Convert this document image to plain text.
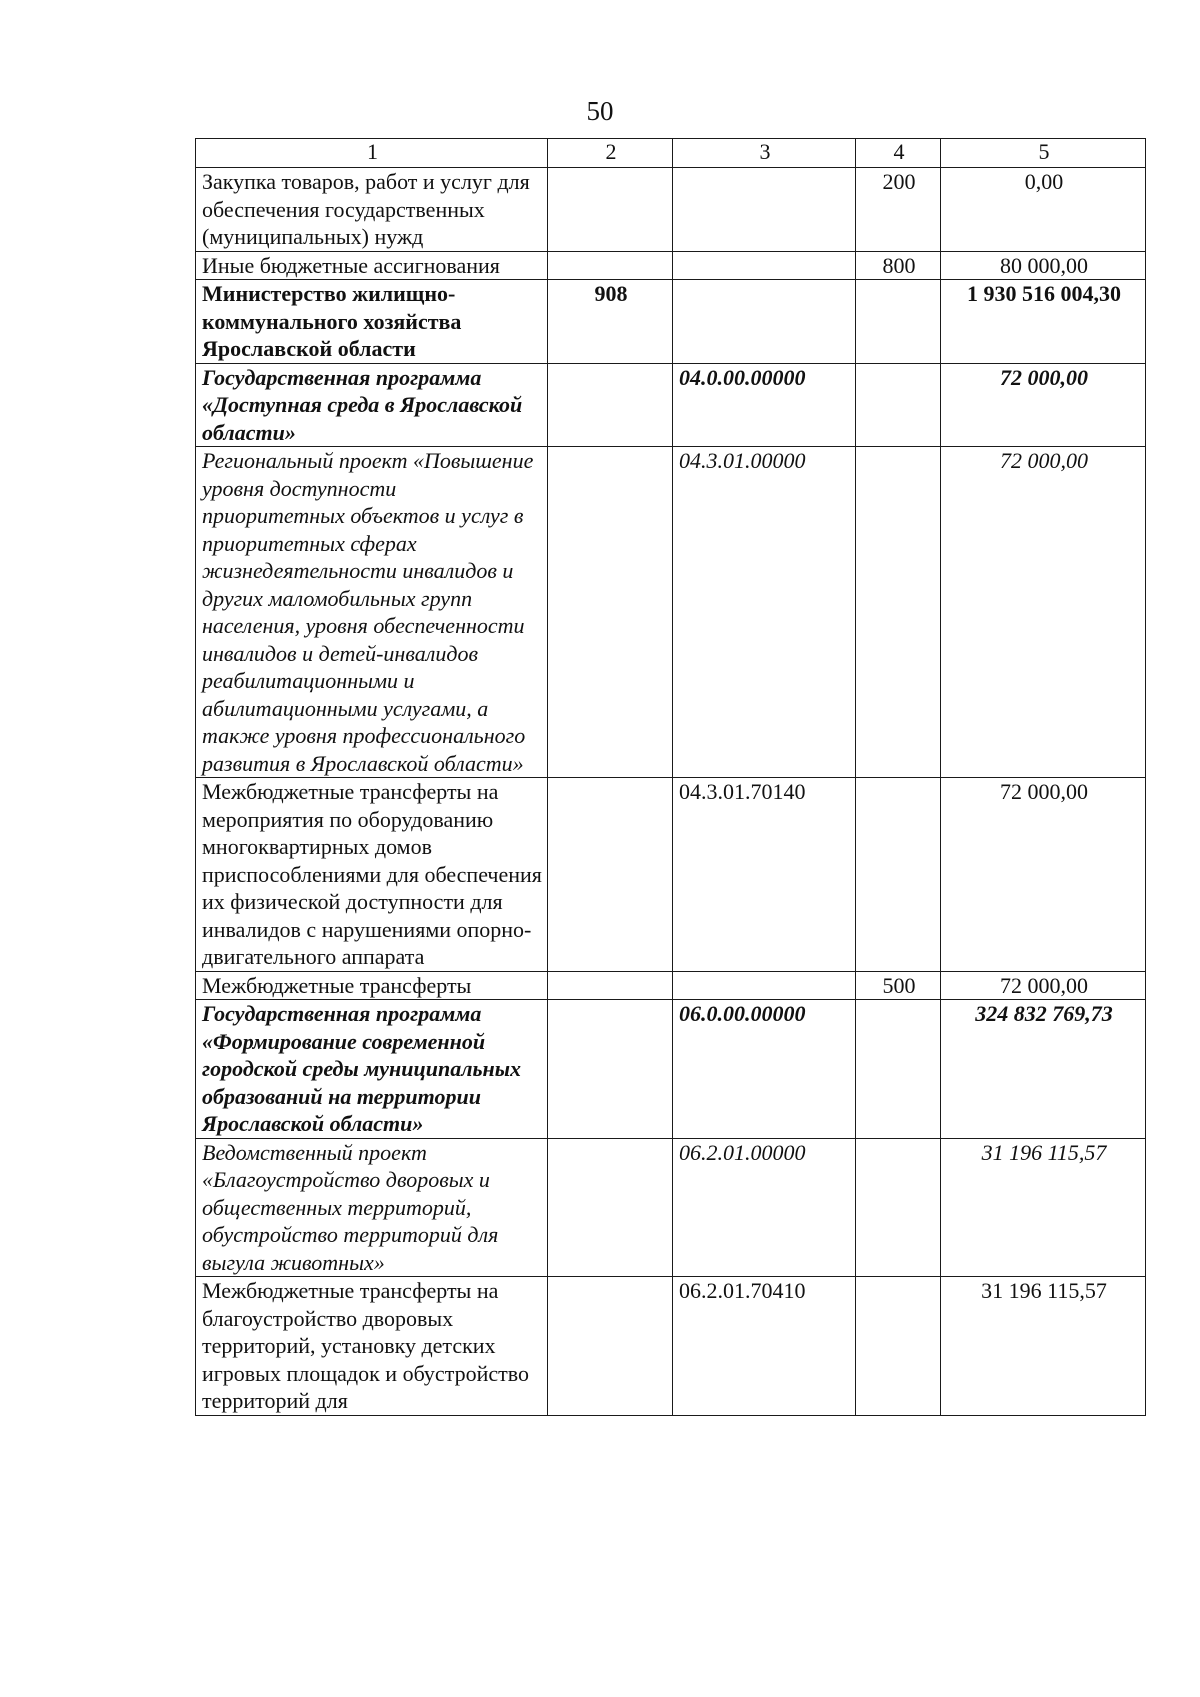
50
1	2	3	4	5
Закупка товаров, работ и услуг для обеспечения государственных (муниципальных) нужд			200	0,00
Иные бюджетные ассигнования			800	80 000,00
Министерство жилищно-коммунального хозяйства Ярославской области	908			1 930 516 004,30
Государственная программа «Доступная среда в Ярославской области»		04.0.00.00000		72 000,00
Региональный проект «Повышение уровня доступности приоритетных объектов и услуг в приоритетных сферах жизнедеятельности инвалидов и других маломобильных групп населения, уровня обеспеченности инвалидов и детей-инвалидов реабилитационными и абилитационными услугами, а также уровня профессионального развития в Ярославской области»		04.3.01.00000		72 000,00
Межбюджетные трансферты на мероприятия по оборудованию многоквартирных домов приспособлениями для обеспечения их физической доступности для инвалидов с нарушениями опорно-двигательного аппарата		04.3.01.70140		72 000,00
Межбюджетные трансферты			500	72 000,00
Государственная программа «Формирование современной городской среды муниципальных образований на территории Ярославской области»		06.0.00.00000		324 832 769,73
Ведомственный проект «Благоустройство дворовых и общественных территорий, обустройство территорий для выгула животных»		06.2.01.00000		31 196 115,57
Межбюджетные трансферты на благоустройство дворовых территорий, установку детских игровых площадок и обустройство территорий для		06.2.01.70410		31 196 115,57
